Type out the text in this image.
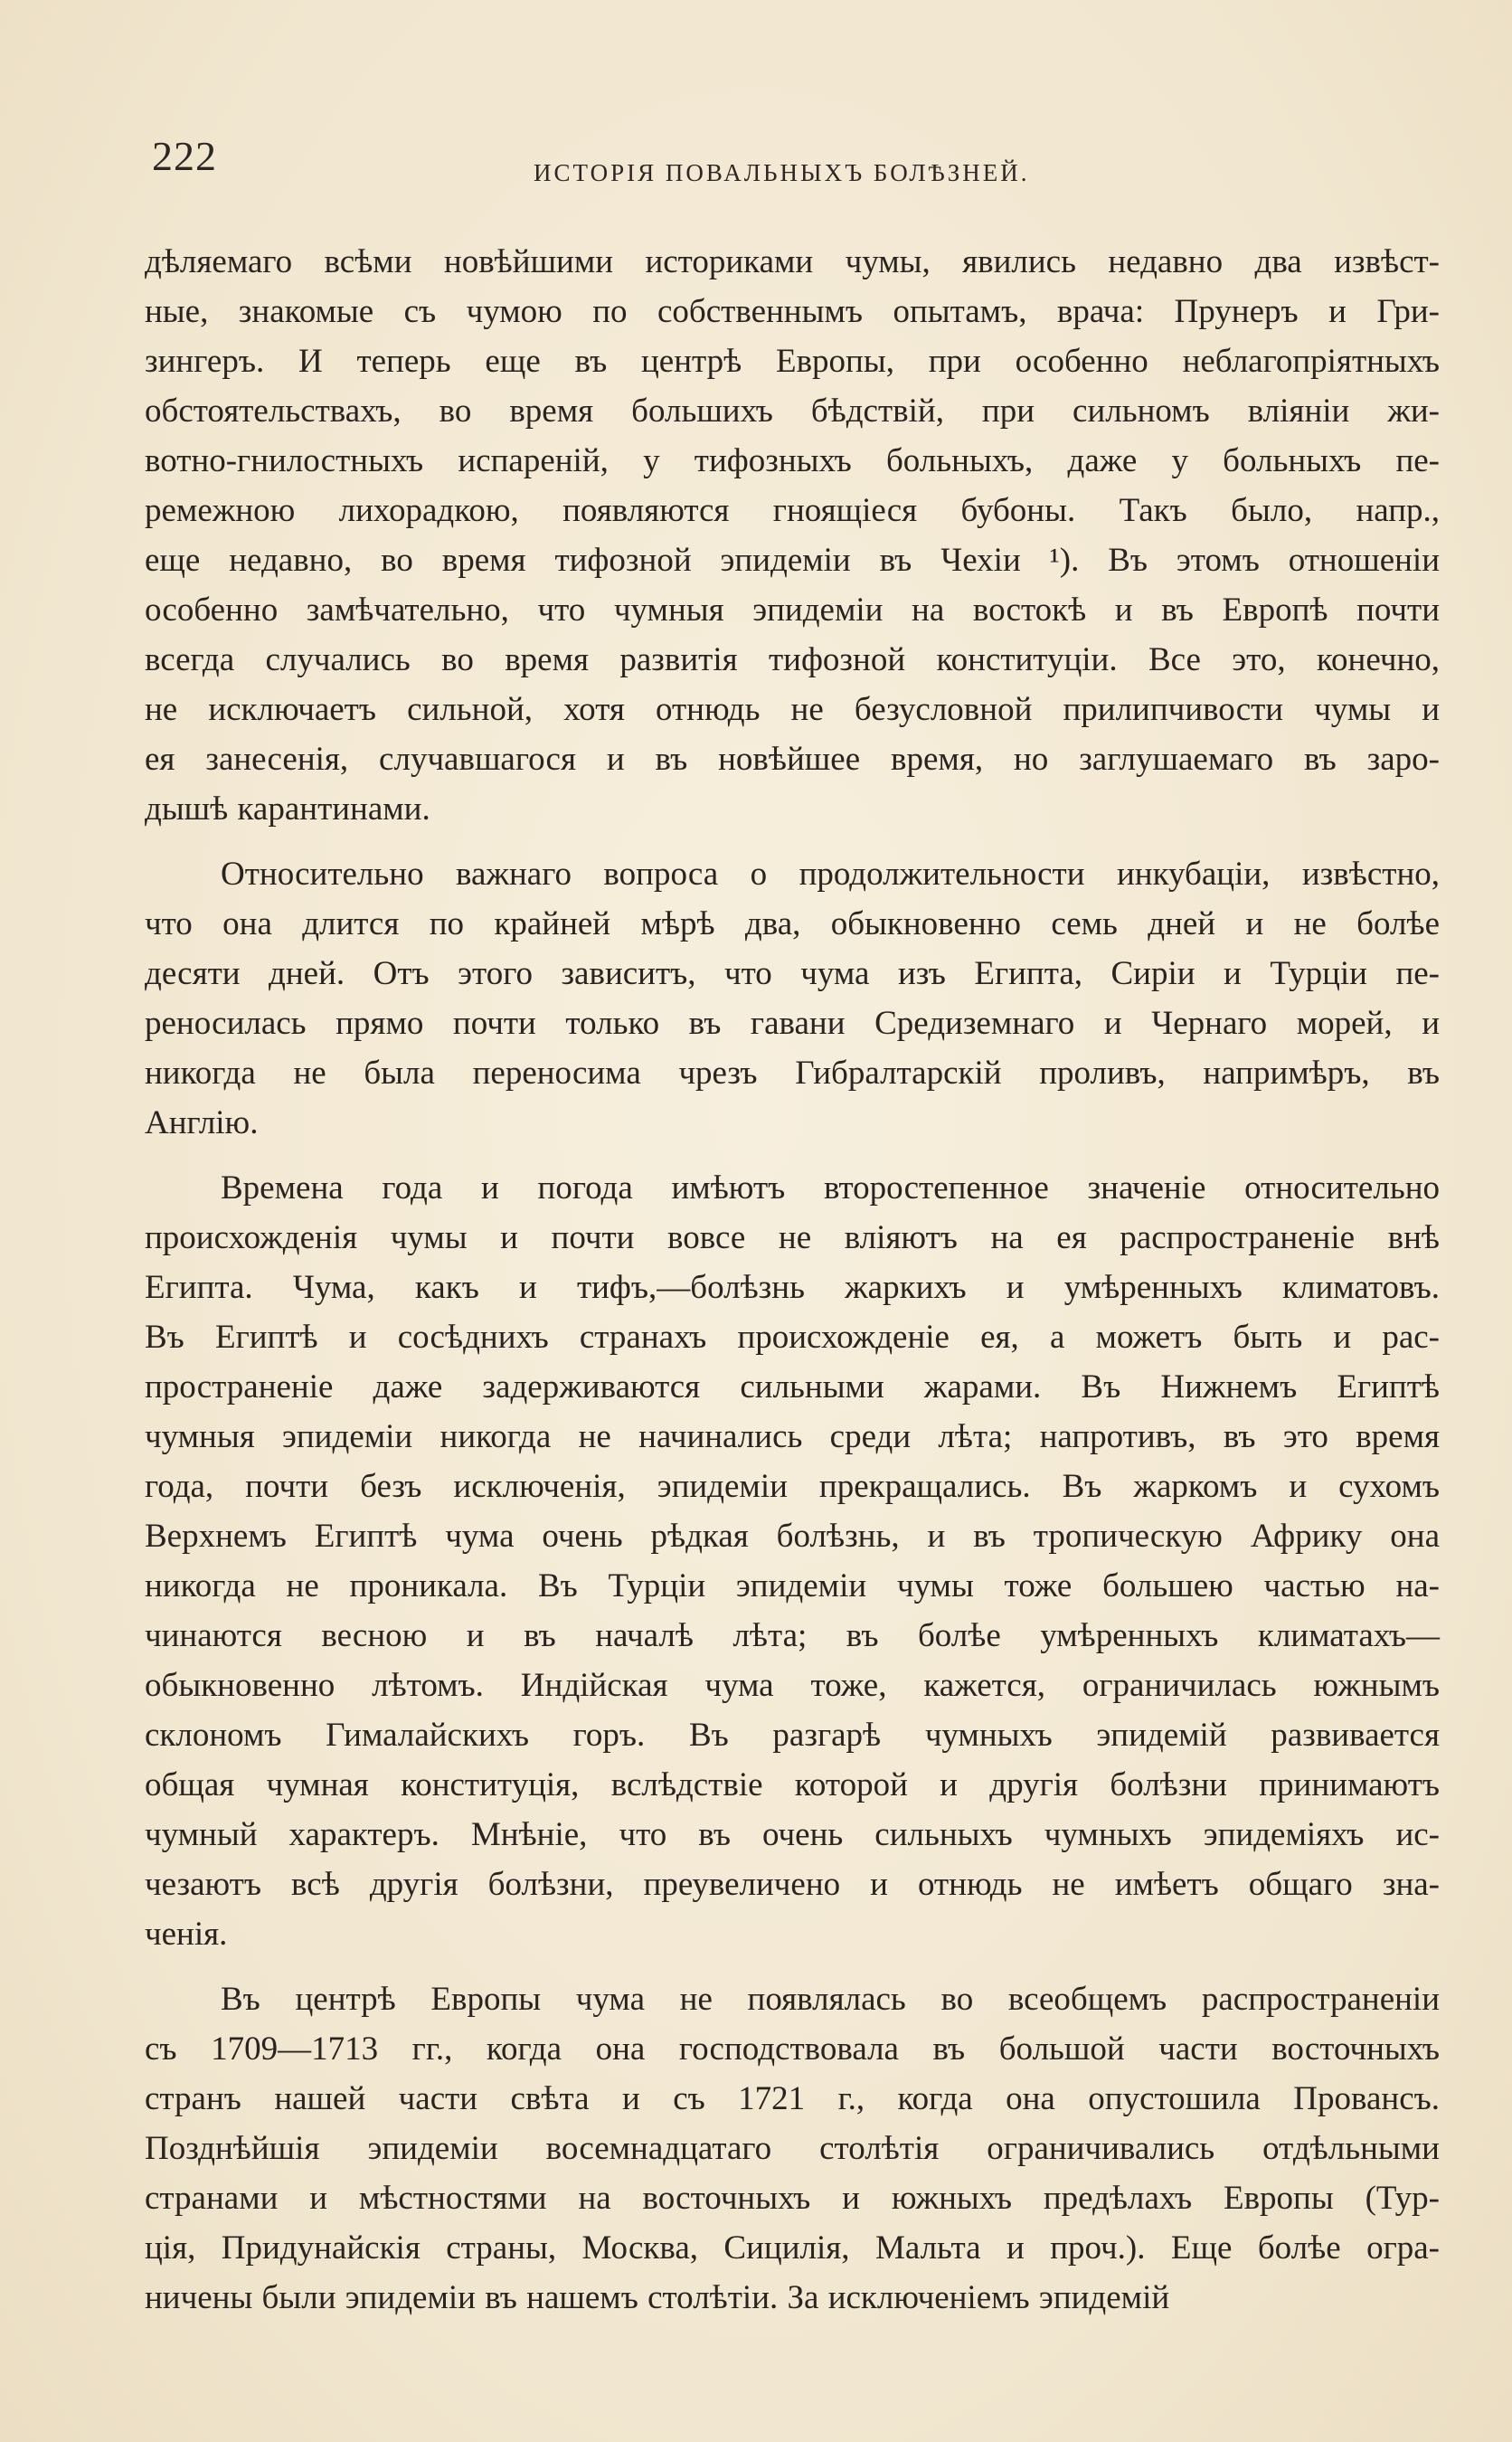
222	ИСТОРІЯ ПОВАЛЬНЫХЪ БОЛѢЗНЕЙ.
дѣляемаго всѣми новѣйшими историками чумы, явились недавно два извѣст-
ные, знакомые съ чумою по собственнымъ опытамъ, врача: Прунеръ и Гри-
зингеръ. И теперь еще въ центрѣ Европы, при особенно неблагопріятныхъ
обстоятельствахъ, во время большихъ бѣдствій, при сильномъ вліяніи жи-
вотно-гнилостныхъ испареній, у тифозныхъ больныхъ, даже у больныхъ пе-
ремежною лихорадкою, появляются гноящіеся бубоны. Такъ было, напр.,
еще недавно, во время тифозной эпидеміи въ Чехіи ¹). Въ этомъ отношеніи
особенно замѣчательно, что чумныя эпидеміи на востокѣ и въ Европѣ почти
всегда случались во время развитія тифозной конституціи. Все это, конечно,
не исключаетъ сильной, хотя отнюдь не безусловной прилипчивости чумы и
ея занесенія, случавшагося и въ новѣйшее время, но заглушаемаго въ заро-
дышѣ карантинами.
Относительно важнаго вопроса о продолжительности инкубаціи, извѣстно,
что она длится по крайней мѣрѣ два, обыкновенно семь дней и не болѣе
десяти дней. Отъ этого зависитъ, что чума изъ Египта, Сиріи и Турціи пе-
реносилась прямо почти только въ гавани Средиземнаго и Чернаго морей, и
никогда не была переносима чрезъ Гибралтарскій проливъ, напримѣръ, въ
Англію.
Времена года и погода имѣютъ второстепенное значеніе относительно
происхожденія чумы и почти вовсе не вліяютъ на ея распространеніе внѣ
Египта. Чума, какъ и тифъ,—болѣзнь жаркихъ и умѣренныхъ климатовъ.
Въ Египтѣ и сосѣднихъ странахъ происхожденіе ея, а можетъ быть и рас-
пространеніе даже задерживаются сильными жарами. Въ Нижнемъ Египтѣ
чумныя эпидеміи никогда не начинались среди лѣта; напротивъ, въ это время
года, почти безъ исключенія, эпидеміи прекращались. Въ жаркомъ и сухомъ
Верхнемъ Египтѣ чума очень рѣдкая болѣзнь, и въ тропическую Африку она
никогда не проникала. Въ Турціи эпидеміи чумы тоже большею частью на-
чинаются весною и въ началѣ лѣта; въ болѣе умѣренныхъ климатахъ—
обыкновенно лѣтомъ. Индійская чума тоже, кажется, ограничилась южнымъ
склономъ Гималайскихъ горъ. Въ разгарѣ чумныхъ эпидемій развивается
общая чумная конституція, вслѣдствіе которой и другія болѣзни принимаютъ
чумный характеръ. Мнѣніе, что въ очень сильныхъ чумныхъ эпидеміяхъ ис-
чезаютъ всѣ другія болѣзни, преувеличено и отнюдь не имѣетъ общаго зна-
ченія.
Въ центрѣ Европы чума не появлялась во всеобщемъ распространеніи
съ 1709—1713 гг., когда она господствовала въ большой части восточныхъ
странъ нашей части свѣта и съ 1721 г., когда она опустошила Провансъ.
Позднѣйшія эпидеміи восемнадцатаго столѣтія ограничивались отдѣльными
странами и мѣстностями на восточныхъ и южныхъ предѣлахъ Европы (Тур-
ція, Придунайскія страны, Москва, Сицилія, Мальта и проч.). Еще болѣе огра-
ничены были эпидеміи въ нашемъ столѣтіи. За исключеніемъ эпидемій
